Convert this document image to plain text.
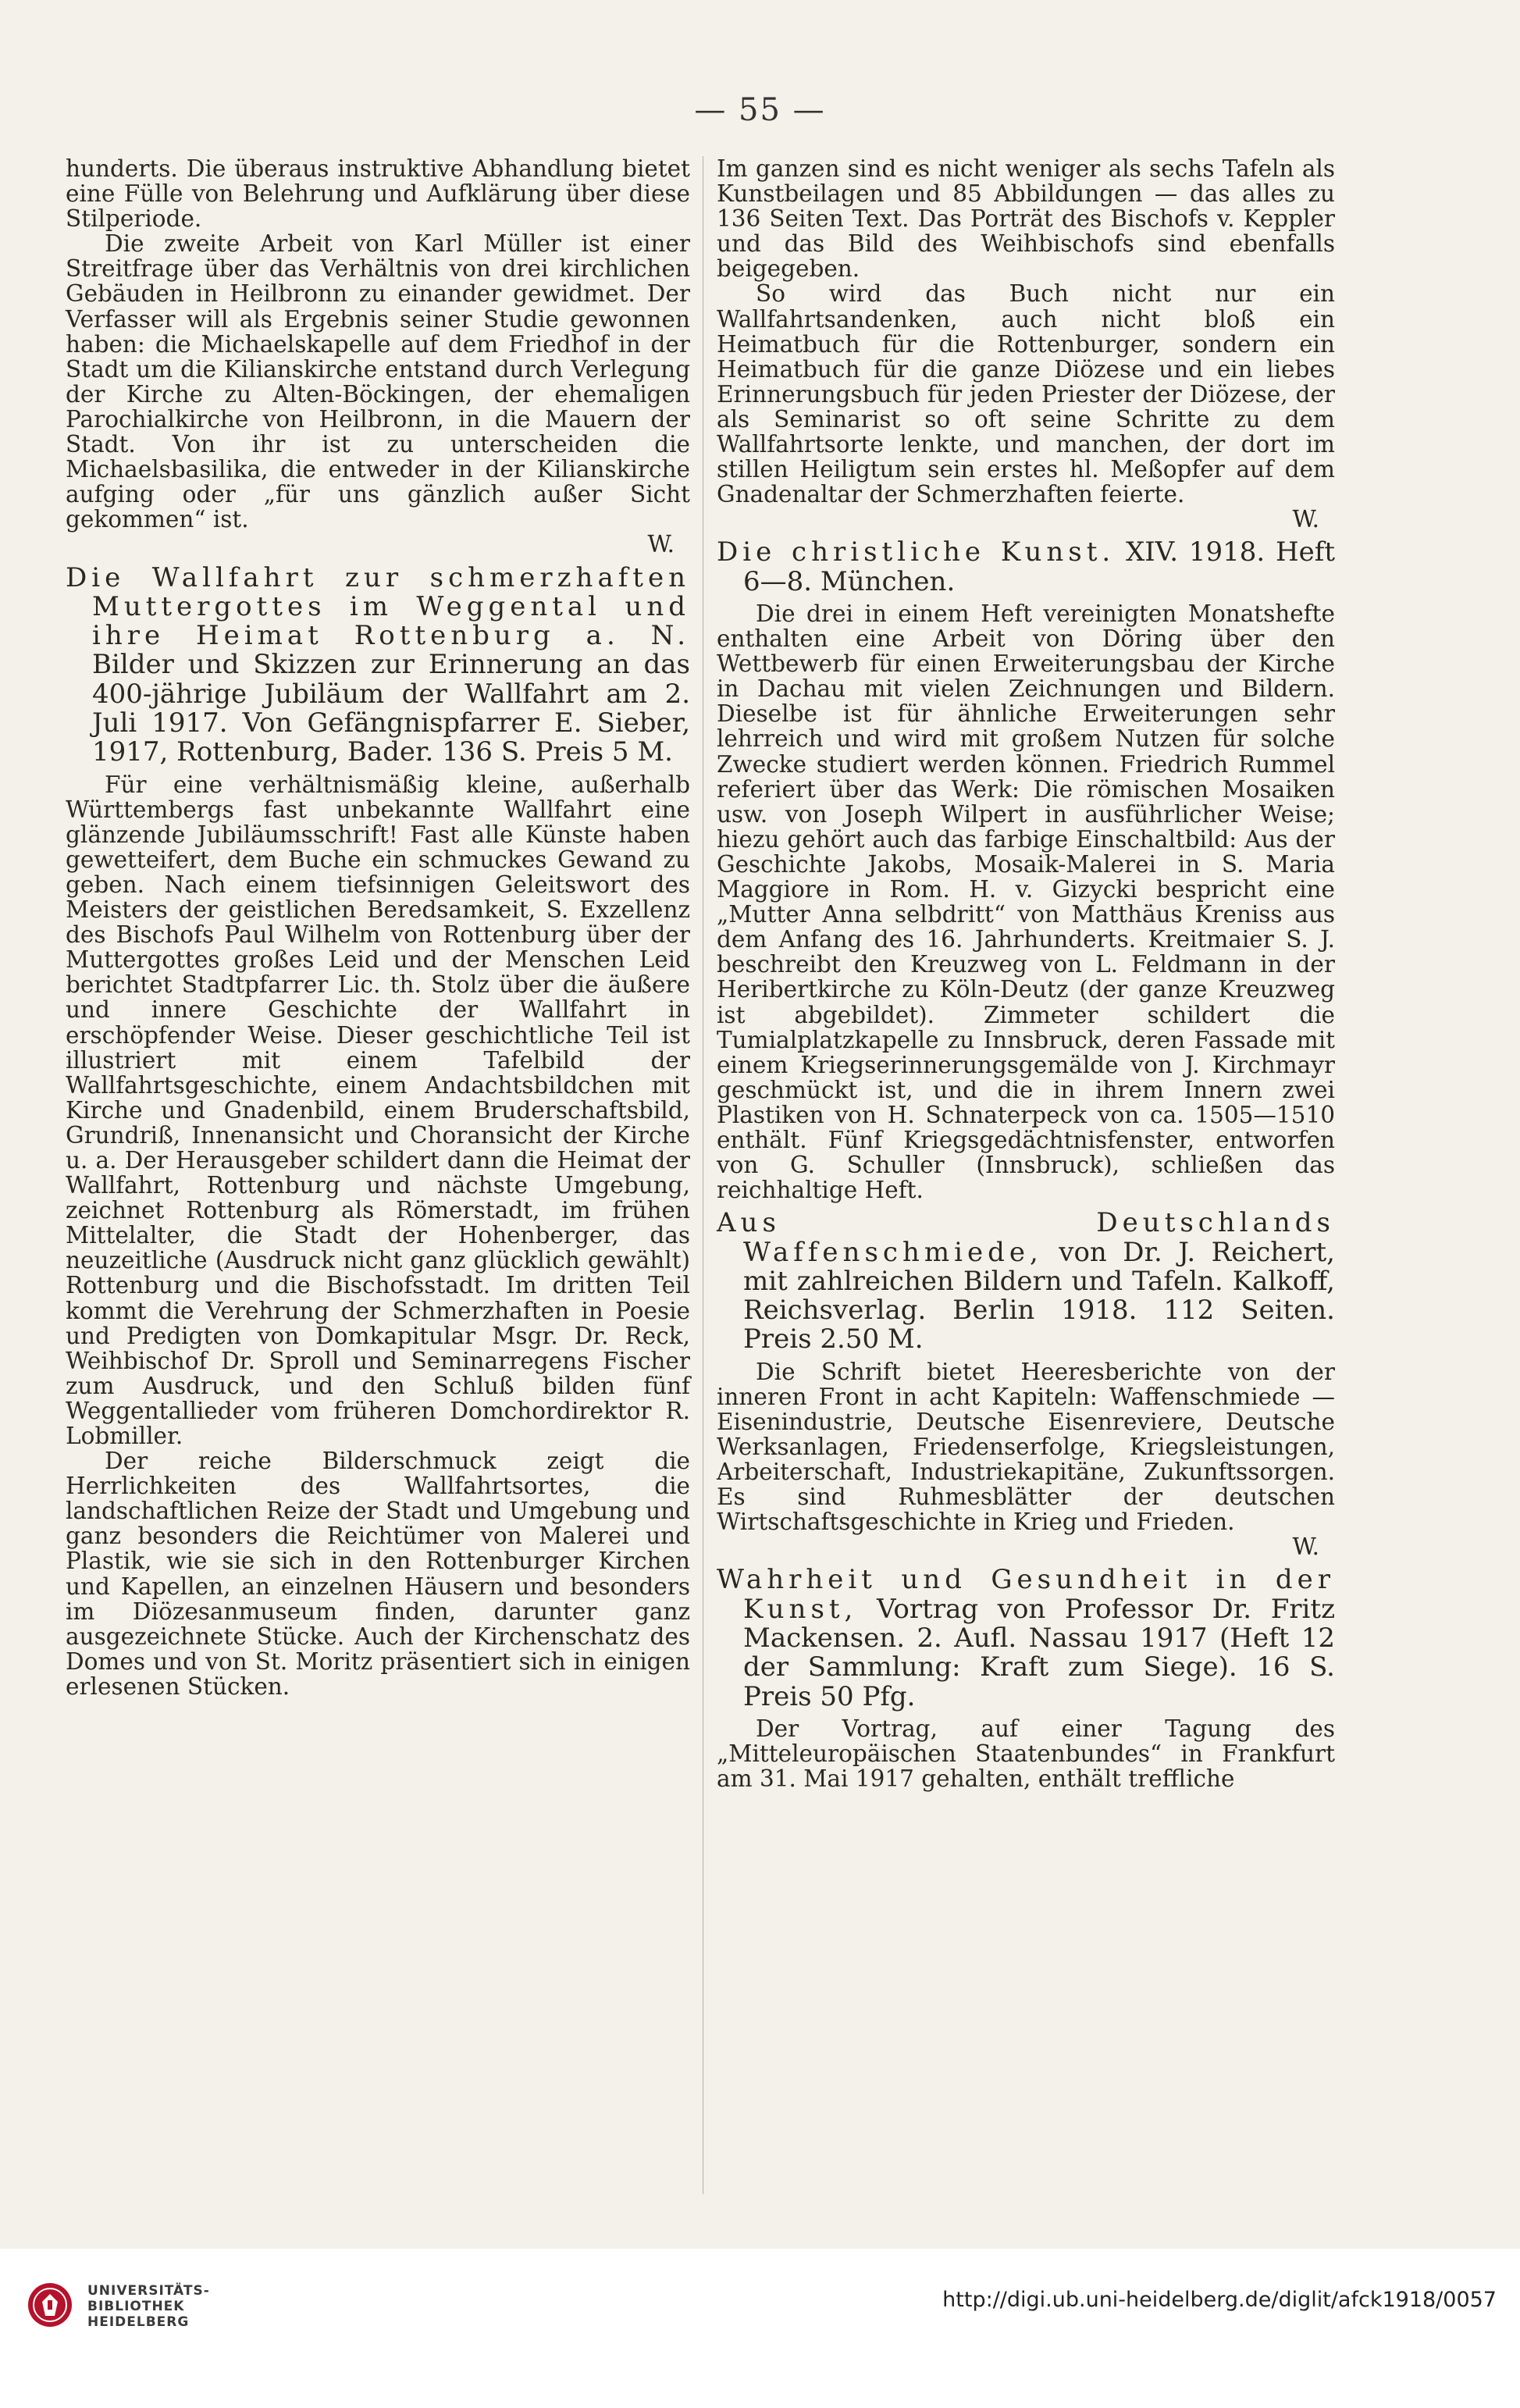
— 55 —

hunderts. Die überaus instruktive Abhandlung bietet eine Fülle von Belehrung und Aufklärung über diese Stilperiode.

Die zweite Arbeit von Karl Müller ist einer Streitfrage über das Verhältnis von drei kirchlichen Gebäuden in Heilbronn zu einander gewidmet. Der Verfasser will als Ergebnis seiner Studie gewonnen haben: die Michaelskapelle auf dem Friedhof in der Stadt um die Kilianskirche entstand durch Verlegung der Kirche zu Alten-Böckingen, der ehemaligen Parochialkirche von Heilbronn, in die Mauern der Stadt. Von ihr ist zu unterscheiden die Michaelsbasilika, die entweder in der Kilianskirche aufging oder „für uns gänzlich außer Sicht gekommen“ ist.

W.

Die Wallfahrt zur schmerzhaften Muttergottes im Weggental und ihre Heimat Rottenburg a. N. Bilder und Skizzen zur Erinnerung an das 400-jährige Jubiläum der Wallfahrt am 2. Juli 1917. Von Gefängnispfarrer E. Sieber, 1917, Rottenburg, Bader. 136 S. Preis 5 M.

Für eine verhältnismäßig kleine, außerhalb Württembergs fast unbekannte Wallfahrt eine glänzende Jubiläumsschrift! Fast alle Künste haben gewetteifert, dem Buche ein schmuckes Gewand zu geben. Nach einem tiefsinnigen Geleitswort des Meisters der geistlichen Beredsamkeit, S. Exzellenz des Bischofs Paul Wilhelm von Rottenburg über der Muttergottes großes Leid und der Menschen Leid berichtet Stadtpfarrer Lic. th. Stolz über die äußere und innere Geschichte der Wallfahrt in erschöpfender Weise. Dieser geschichtliche Teil ist illustriert mit einem Tafelbild der Wallfahrtsgeschichte, einem Andachtsbildchen mit Kirche und Gnadenbild, einem Bruderschaftsbild, Grundriß, Innenansicht und Choransicht der Kirche u. a. Der Herausgeber schildert dann die Heimat der Wallfahrt, Rottenburg und nächste Umgebung, zeichnet Rottenburg als Römerstadt, im frühen Mittelalter, die Stadt der Hohenberger, das neuzeitliche (Ausdruck nicht ganz glücklich gewählt) Rottenburg und die Bischofsstadt. Im dritten Teil kommt die Verehrung der Schmerzhaften in Poesie und Predigten von Domkapitular Msgr. Dr. Reck, Weihbischof Dr. Sproll und Seminarregens Fischer zum Ausdruck, und den Schluß bilden fünf Weggentallieder vom früheren Domchordirektor R. Lobmiller.

Der reiche Bilderschmuck zeigt die Herrlichkeiten des Wallfahrtsortes, die landschaftlichen Reize der Stadt und Umgebung und ganz besonders die Reichtümer von Malerei und Plastik, wie sie sich in den Rottenburger Kirchen und Kapellen, an einzelnen Häusern und besonders im Diözesanmuseum finden, darunter ganz ausgezeichnete Stücke. Auch der Kirchenschatz des Domes und von St. Moritz präsentiert sich in einigen erlesenen Stücken.

Im ganzen sind es nicht weniger als sechs Tafeln als Kunstbeilagen und 85 Abbildungen — das alles zu 136 Seiten Text. Das Porträt des Bischofs v. Keppler und das Bild des Weihbischofs sind ebenfalls beigegeben.

So wird das Buch nicht nur ein Wallfahrtsandenken, auch nicht bloß ein Heimatbuch für die Rottenburger, sondern ein Heimatbuch für die ganze Diözese und ein liebes Erinnerungsbuch für jeden Priester der Diözese, der als Seminarist so oft seine Schritte zu dem Wallfahrtsorte lenkte, und manchen, der dort im stillen Heiligtum sein erstes hl. Meßopfer auf dem Gnadenaltar der Schmerzhaften feierte.

W.

Die christliche Kunst. XIV. 1918. Heft 6—8. München.

Die drei in einem Heft vereinigten Monatshefte enthalten eine Arbeit von Döring über den Wettbewerb für einen Erweiterungsbau der Kirche in Dachau mit vielen Zeichnungen und Bildern. Dieselbe ist für ähnliche Erweiterungen sehr lehrreich und wird mit großem Nutzen für solche Zwecke studiert werden können. Friedrich Rummel referiert über das Werk: Die römischen Mosaiken usw. von Joseph Wilpert in ausführlicher Weise; hiezu gehört auch das farbige Einschaltbild: Aus der Geschichte Jakobs, Mosaik-Malerei in S. Maria Maggiore in Rom. H. v. Gizycki bespricht eine „Mutter Anna selbdritt“ von Matthäus Kreniss aus dem Anfang des 16. Jahrhunderts. Kreitmaier S. J. beschreibt den Kreuzweg von L. Feldmann in der Heribertkirche zu Köln-Deutz (der ganze Kreuzweg ist abgebildet). Zimmeter schildert die Tumialplatzkapelle zu Innsbruck, deren Fassade mit einem Kriegserinnerungsgemälde von J. Kirchmayr geschmückt ist, und die in ihrem Innern zwei Plastiken von H. Schnaterpeck von ca. 1505—1510 enthält. Fünf Kriegsgedächtnisfenster, entworfen von G. Schuller (Innsbruck), schließen das reichhaltige Heft.

Aus Deutschlands Waffenschmiede, von Dr. J. Reichert, mit zahlreichen Bildern und Tafeln. Kalkoff, Reichsverlag. Berlin 1918. 112 Seiten. Preis 2.50 M.

Die Schrift bietet Heeresberichte von der inneren Front in acht Kapiteln: Waffenschmiede — Eisenindustrie, Deutsche Eisenreviere, Deutsche Werksanlagen, Friedenserfolge, Kriegsleistungen, Arbeiterschaft, Industriekapitäne, Zukunftssorgen. Es sind Ruhmesblätter der deutschen Wirtschaftsgeschichte in Krieg und Frieden.

W.

Wahrheit und Gesundheit in der Kunst, Vortrag von Professor Dr. Fritz Mackensen. 2. Aufl. Nassau 1917 (Heft 12 der Sammlung: Kraft zum Siege). 16 S. Preis 50 Pfg.

Der Vortrag, auf einer Tagung des „Mitteleuropäischen Staatenbundes“ in Frankfurt am 31. Mai 1917 gehalten, enthält treffliche

UNIVERSITÄTS-
BIBLIOTHEK
HEIDELBERG
http://digi.ub.uni-heidelberg.de/diglit/afck1918/0057
